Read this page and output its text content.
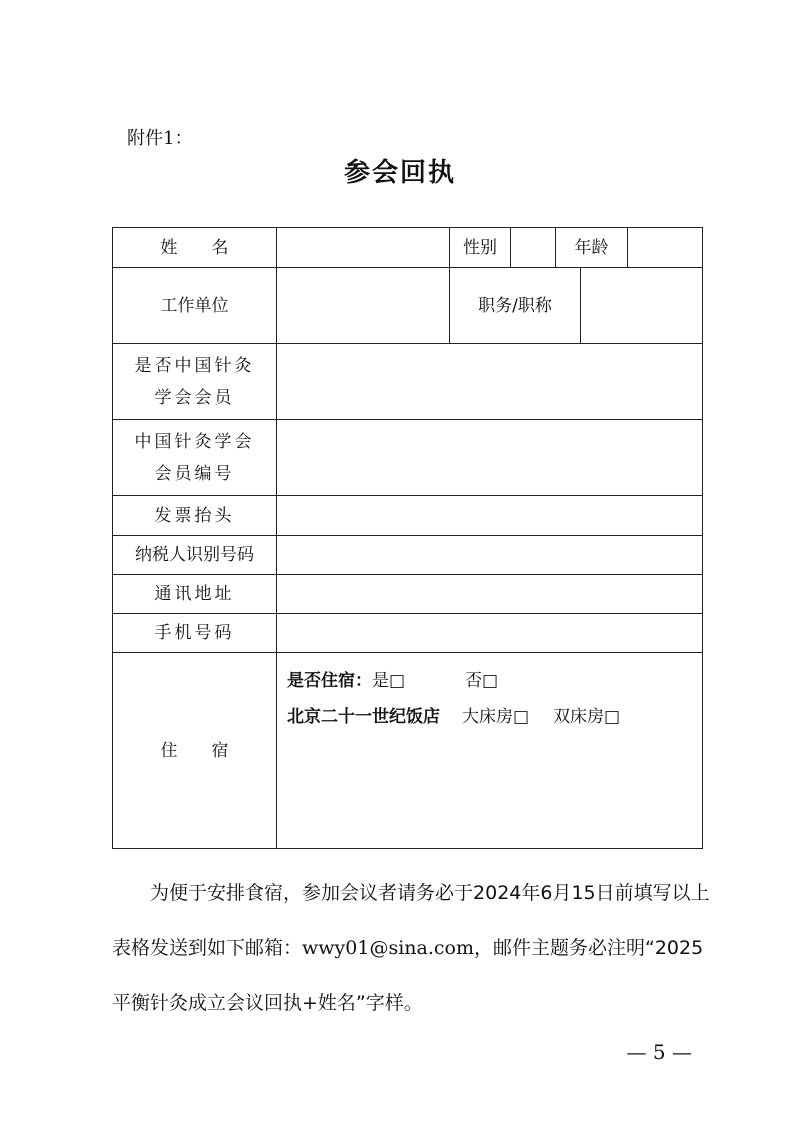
附件1：
参会回执
姓　　名		性别		年龄		
工作单位		职务/职称				

是否中国针灸
学会会员						

中国针灸学会
会员编号						

发票抬头						
纳税人识别号码						
通讯地址						
手机号码						
住　　宿	是否住宿：是□ 否□
北京二十一世纪饭店 大床房□ 双床房□					
为便于安排食宿，参加会议者请务必于2024年6月15日前填写以上表格发送到如下邮箱：wwy01@sina.com，邮件主题务必注明“2025平衡针灸成立会议回执+姓名”字样。
— 5 —
